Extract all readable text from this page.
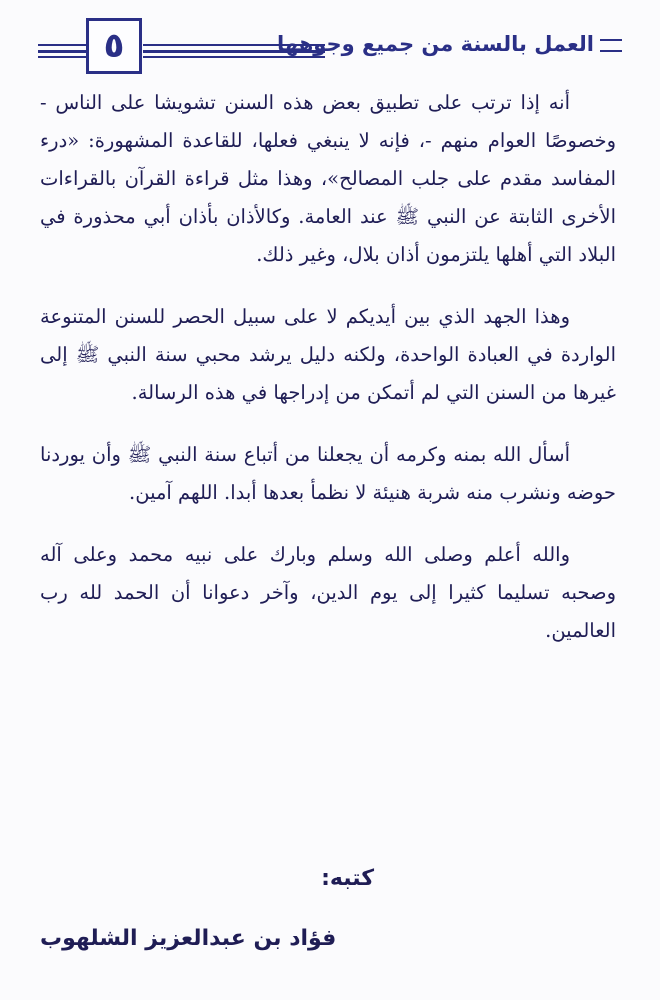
٥	العمل بالسنة من جميع وجوهها

أنه إذا ترتب على تطبيق بعض هذه السنن تشويشا على الناس - وخصوصًا العوام منهم -، فإنه لا ينبغي فعلها، للقاعدة المشهورة: «درء المفاسد مقدم على جلب المصالح»، وهذا مثل قراءة القرآن بالقراءات الأخرى الثابتة عن النبي ﷺ عند العامة. وكالأذان بأذان أبي محذورة في البلاد التي أهلها يلتزمون أذان بلال، وغير ذلك.

وهذا الجهد الذي بين أيديكم لا على سبيل الحصر للسنن المتنوعة الواردة في العبادة الواحدة، ولكنه دليل يرشد محبي سنة النبي ﷺ إلى غيرها من السنن التي لم أتمكن من إدراجها في هذه الرسالة.

أسأل الله بمنه وكرمه أن يجعلنا من أتباع سنة النبي ﷺ وأن يوردنا حوضه ونشرب منه شربة هنيئة لا نظمأ بعدها أبدا. اللهم آمين.

والله أعلم وصلى الله وسلم وبارك على نبيه محمد وعلى آله وصحبه تسليما كثيرا إلى يوم الدين، وآخر دعوانا أن الحمد لله رب العالمين.

كتبه:
فؤاد بن عبدالعزيز الشلهوب
